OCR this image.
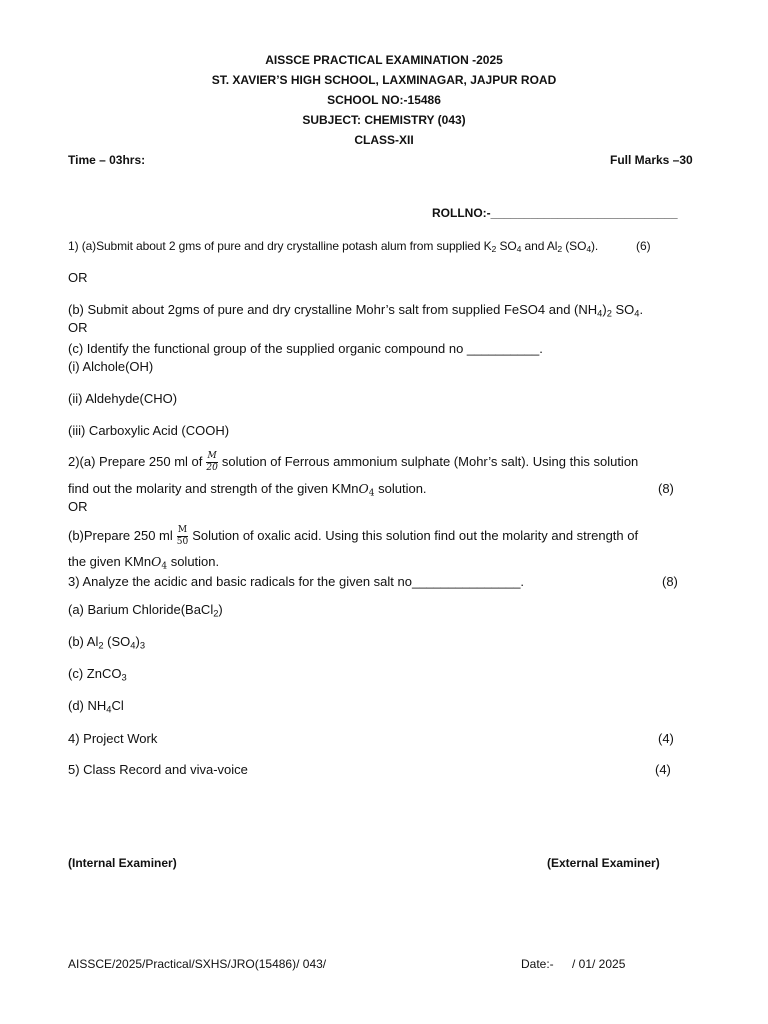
AISSCE PRACTICAL EXAMINATION -2025
ST. XAVIER’S HIGH SCHOOL, LAXMINAGAR, JAJPUR ROAD
SCHOOL NO:-15486
SUBJECT: CHEMISTRY (043)
CLASS-XII
Time – 03hrs:	Full Marks –30
ROLLNO:-____________________________
1) (a)Submit about 2 gms of pure and dry crystalline potash alum from supplied $K_2$ $SO_4$ and $Al_2$ $(SO_4)$.	(6)
OR
(b) Submit about 2gms of pure and dry crystalline Mohr’s salt from supplied FeSO4 and $(NH_4)_2$ $SO_4$.
OR
(c) Identify the functional group of the supplied organic compound no __________.
(i) Alchole(OH)
(ii) Aldehyde(CHO)
(iii) Carboxylic Acid (COOH)
2)(a) Prepare 250 ml of $\frac{M}{20}$ solution of Ferrous ammonium sulphate (Mohr’s salt). Using this solution
find out the molarity and strength of the given KMnO$_4$ solution.	(8)
OR
(b)Prepare 250 ml $\frac{M}{50}$ Solution of oxalic acid. Using this solution find out the molarity and strength of
the given KMnO$_4$ solution.
3) Analyze the acidic and basic radicals for the given salt no_______________.	(8)
(a) Barium Chloride(BaCl$_2$)
(b) $Al_2$ $(SO_4)_3$
(c) ZnCO$_3$
(d) $NH_4Cl$
4) Project Work	(4)
5) Class Record and viva-voice	(4)
(Internal Examiner)	(External Examiner)
AISSCE/2025/Practical/SXHS/JRO(15486)/ 043/	Date:- / 01/ 2025
